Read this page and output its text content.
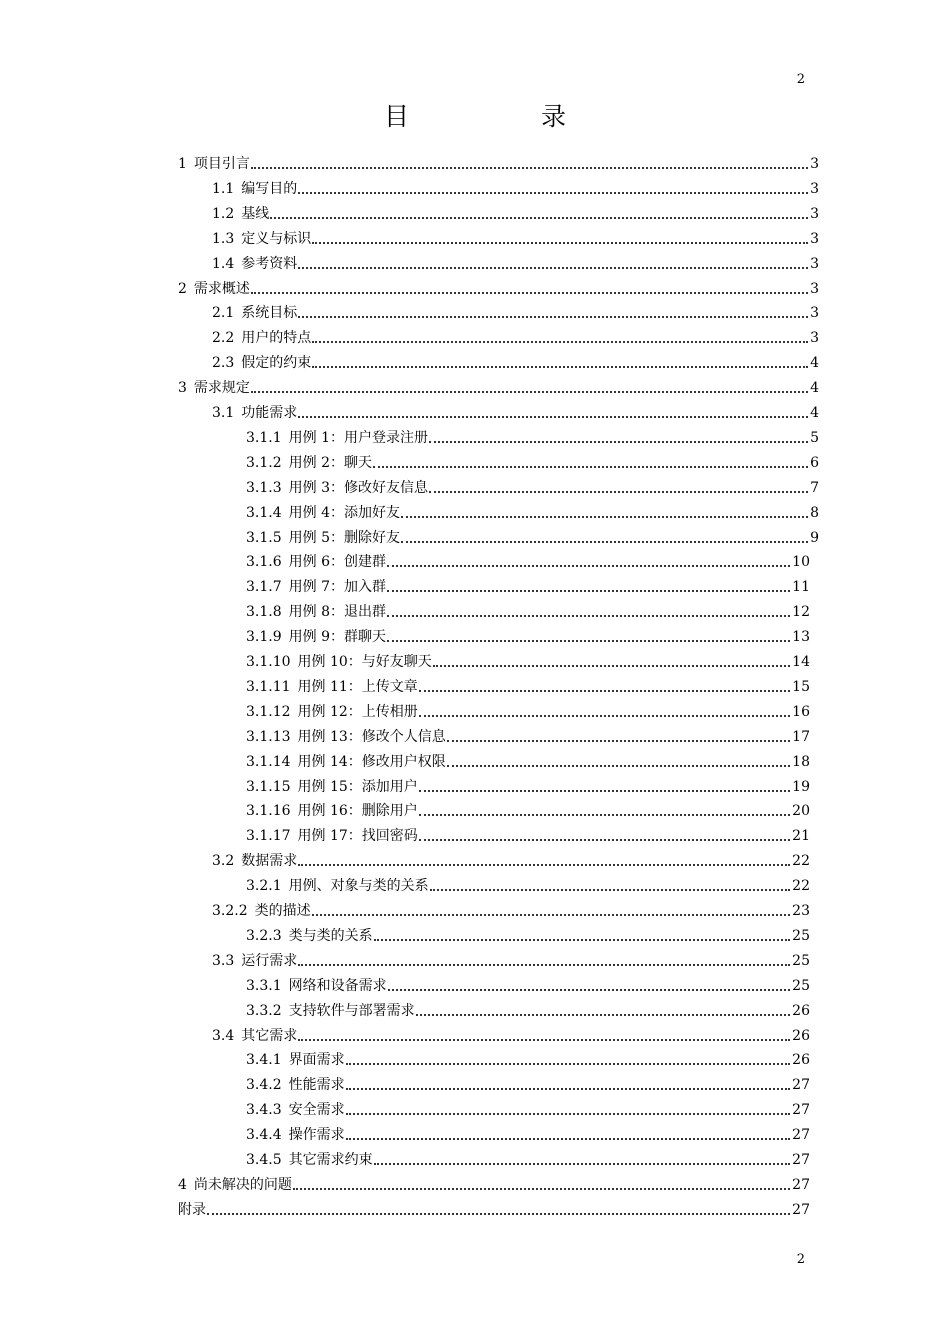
2
目 录
1 项目引言	3
1.1 编写目的	3
1.2 基线	3
1.3 定义与标识	3
1.4 参考资料	3
2 需求概述	3
2.1 系统目标	3
2.2 用户的特点	3
2.3 假定的约束	4
3 需求规定	4
3.1 功能需求	4
3.1.1 用例 1：用户登录注册	5
3.1.2 用例 2：聊天	6
3.1.3 用例 3：修改好友信息	7
3.1.4 用例 4：添加好友	8
3.1.5 用例 5：删除好友	9
3.1.6 用例 6：创建群	10
3.1.7 用例 7：加入群	11
3.1.8 用例 8：退出群	12
3.1.9 用例 9：群聊天	13
3.1.10 用例 10：与好友聊天	14
3.1.11 用例 11：上传文章	15
3.1.12 用例 12：上传相册	16
3.1.13 用例 13：修改个人信息	17
3.1.14 用例 14：修改用户权限	18
3.1.15 用例 15：添加用户	19
3.1.16 用例 16：删除用户	20
3.1.17 用例 17：找回密码	21
3.2 数据需求	22
3.2.1 用例、对象与类的关系	22
3.2.2 类的描述	23
3.2.3 类与类的关系	25
3.3 运行需求	25
3.3.1 网络和设备需求	25
3.3.2 支持软件与部署需求	26
3.4 其它需求	26
3.4.1 界面需求	26
3.4.2 性能需求	27
3.4.3 安全需求	27
3.4.4 操作需求	27
3.4.5 其它需求约束	27
4 尚未解决的问题	27
附录	27
2
